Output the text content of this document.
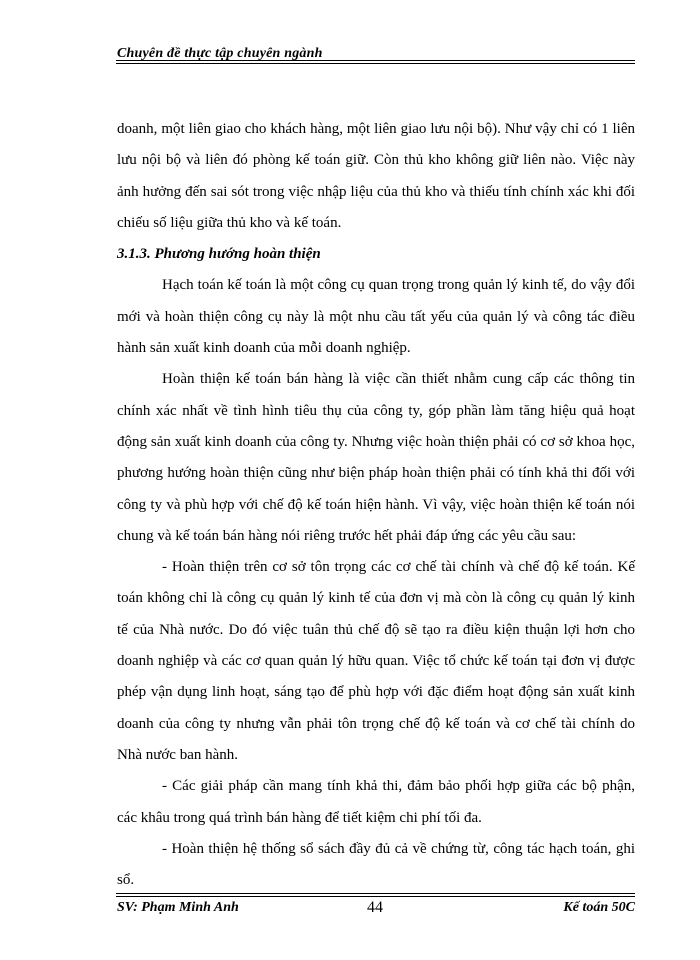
Chuyên đề thực tập chuyên ngành

doanh, một liên giao cho khách hàng, một liên giao lưu nội bộ). Như vậy chỉ có 1 liên lưu nội bộ và liên đó phòng kế toán giữ. Còn thủ kho không giữ liên nào. Việc này ảnh hưởng đến sai sót trong việc nhập liệu của thủ kho và thiếu tính chính xác khi đối chiếu số liệu giữa thủ kho và kế toán.

3.1.3. Phương hướng hoàn thiện

Hạch toán kế toán là một công cụ quan trọng trong quản lý kinh tế, do vậy đổi mới và hoàn thiện công cụ này là một nhu cầu tất yếu của quản lý và công tác điều hành sản xuất kinh doanh của mỗi doanh nghiệp.

Hoàn thiện kế toán bán hàng là việc cần thiết nhằm cung cấp các thông tin chính xác nhất về tình hình tiêu thụ của công ty, góp phần làm tăng hiệu quả hoạt động sản xuất kinh doanh của công ty. Nhưng việc hoàn thiện phải có cơ sở khoa học, phương hướng hoàn thiện cũng như biện pháp hoàn thiện phải có tính khả thi đối với công ty và phù hợp với chế độ kế toán hiện hành. Vì vậy, việc hoàn thiện kế toán nói chung và kế toán bán hàng nói riêng trước hết phải đáp ứng các yêu cầu sau:

- Hoàn thiện trên cơ sở tôn trọng các cơ chế tài chính và chế độ kế toán. Kế toán không chỉ là công cụ quản lý kinh tế của đơn vị mà còn là công cụ quản lý kinh tế của Nhà nước. Do đó việc tuân thủ chế độ sẽ tạo ra điều kiện thuận lợi hơn cho doanh nghiệp và các cơ quan quản lý hữu quan. Việc tổ chức kế toán tại đơn vị được phép vận dụng linh hoạt, sáng tạo để phù hợp với đặc điểm hoạt động sản xuất kinh doanh của công ty nhưng vẫn phải tôn trọng chế độ kế toán và cơ chế tài chính do Nhà nước ban hành.

- Các giải pháp cần mang tính khả thi, đảm bảo phối hợp giữa các bộ phận, các khâu trong quá trình bán hàng để tiết kiệm chi phí tối đa.

- Hoàn thiện hệ thống sổ sách đầy đủ cả về chứng từ, công tác hạch toán, ghi sổ.

SV: Phạm Minh Anh	44	Kế toán 50C
